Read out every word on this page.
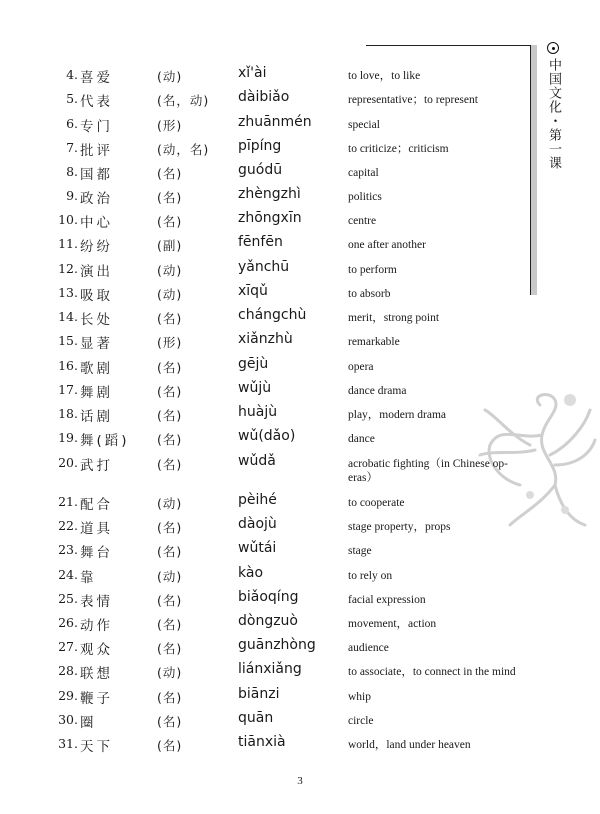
中国文化・第一课
4. 喜爱	(动)	xǐ'ài	to love，to like
5. 代表	(名，动) dàibiǎo	representative；to represent
6. 专门	(形)	zhuānmén	special
7. 批评	(动，名) pīpíng	to criticize；criticism
8. 国都	(名)	guódū	capital
9. 政治	(名)	zhèngzhì	politics
10. 中心	(名)	zhōngxīn	centre
11. 纷纷	(副)	fēnfēn	one after another
12. 演出	(动)	yǎnchū	to perform
13. 吸取	(动)	xīqǔ	to absorb
14. 长处	(名)	chángchù	merit，strong point
15. 显著	(形)	xiǎnzhù	remarkable
16. 歌剧	(名)	gējù	opera
17. 舞剧	(名)	wǔjù	dance drama
18. 话剧	(名)	huàjù	play，modern drama
19. 舞(蹈) (名)	wǔ(dǎo)	dance
20. 武打	(名)	wǔdǎ	acrobatic fighting（in Chinese op-eras）
21. 配合	(动)	pèihé	to cooperate
22. 道具	(名)	dàojù	stage property，props
23. 舞台	(名)	wǔtái	stage
24. 靠	(动)	kào	to rely on
25. 表情	(名)	biǎoqíng	facial expression
26. 动作	(名)	dòngzuò	movement，action
27. 观众	(名)	guānzhòng	audience
28. 联想	(动)	liánxiǎng	to associate，to connect in the mind
29. 鞭子	(名)	biānzi	whip
30. 圈	(名)	quān	circle
31. 天下	(名)	tiānxià	world，land under heaven
3
